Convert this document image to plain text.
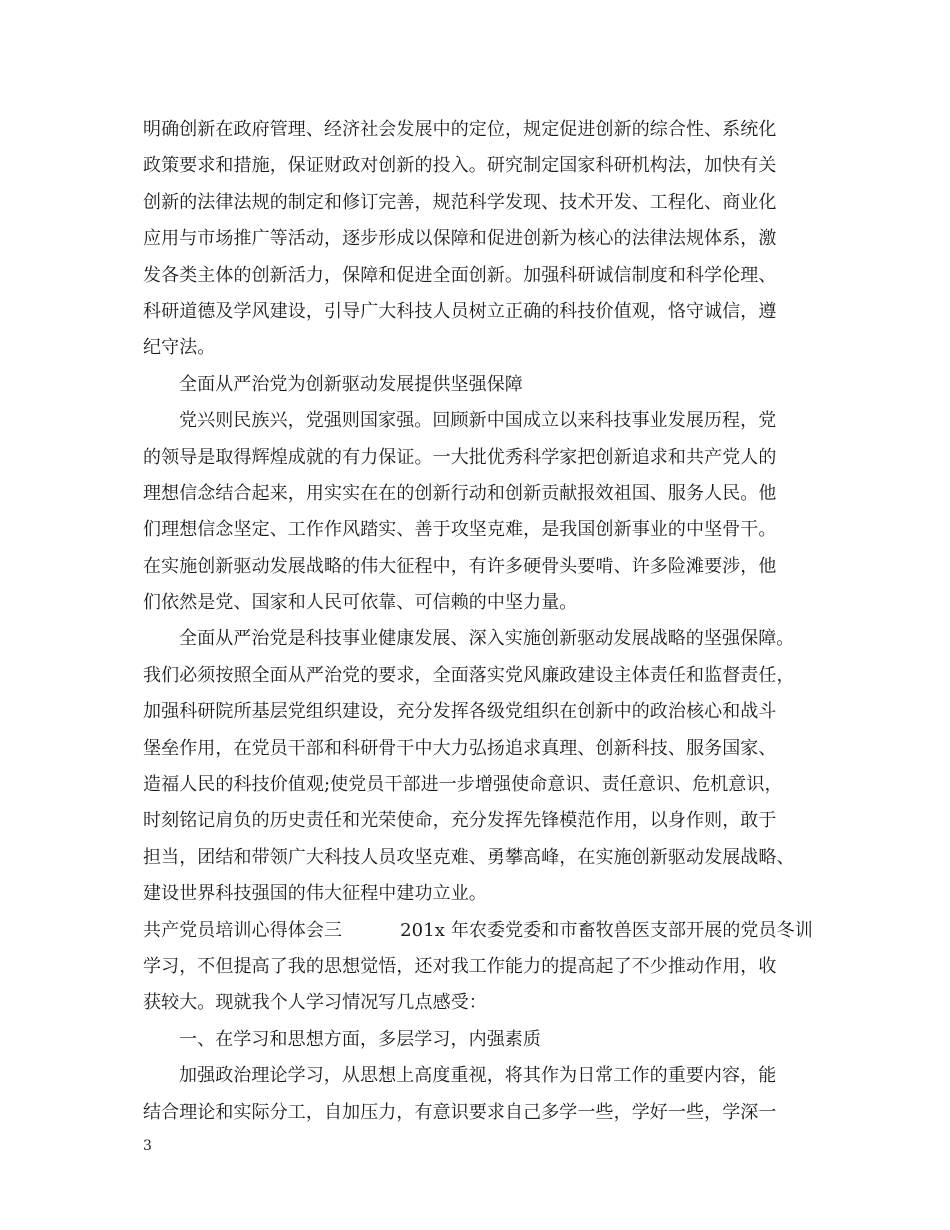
明确创新在政府管理、经济社会发展中的定位，规定促进创新的综合性、系统化
政策要求和措施，保证财政对创新的投入。研究制定国家科研机构法，加快有关
创新的法律法规的制定和修订完善，规范科学发现、技术开发、工程化、商业化
应用与市场推广等活动，逐步形成以保障和促进创新为核心的法律法规体系，激
发各类主体的创新活力，保障和促进全面创新。加强科研诚信制度和科学伦理、
科研道德及学风建设，引导广大科技人员树立正确的科技价值观，恪守诚信，遵
纪守法。
全面从严治党为创新驱动发展提供坚强保障
党兴则民族兴，党强则国家强。回顾新中国成立以来科技事业发展历程，党
的领导是取得辉煌成就的有力保证。一大批优秀科学家把创新追求和共产党人的
理想信念结合起来，用实实在在的创新行动和创新贡献报效祖国、服务人民。他
们理想信念坚定、工作作风踏实、善于攻坚克难，是我国创新事业的中坚骨干。
在实施创新驱动发展战略的伟大征程中，有许多硬骨头要啃、许多险滩要涉，他
们依然是党、国家和人民可依靠、可信赖的中坚力量。
全面从严治党是科技事业健康发展、深入实施创新驱动发展战略的坚强保障。
我们必须按照全面从严治党的要求，全面落实党风廉政建设主体责任和监督责任，
加强科研院所基层党组织建设，充分发挥各级党组织在创新中的政治核心和战斗
堡垒作用，在党员干部和科研骨干中大力弘扬追求真理、创新科技、服务国家、
造福人民的科技价值观;使党员干部进一步增强使命意识、责任意识、危机意识，
时刻铭记肩负的历史责任和光荣使命，充分发挥先锋模范作用，以身作则，敢于
担当，团结和带领广大科技人员攻坚克难、勇攀高峰，在实施创新驱动发展战略、
建设世界科技强国的伟大征程中建功立业。
共产党员培训心得体会三	201x 年农委党委和市畜牧兽医支部开展的党员冬训
学习，不但提高了我的思想觉悟，还对我工作能力的提高起了不少推动作用，收
获较大。现就我个人学习情况写几点感受：
一、在学习和思想方面，多层学习，内强素质
加强政治理论学习，从思想上高度重视，将其作为日常工作的重要内容，能
结合理论和实际分工，自加压力，有意识要求自己多学一些，学好一些，学深一
3
